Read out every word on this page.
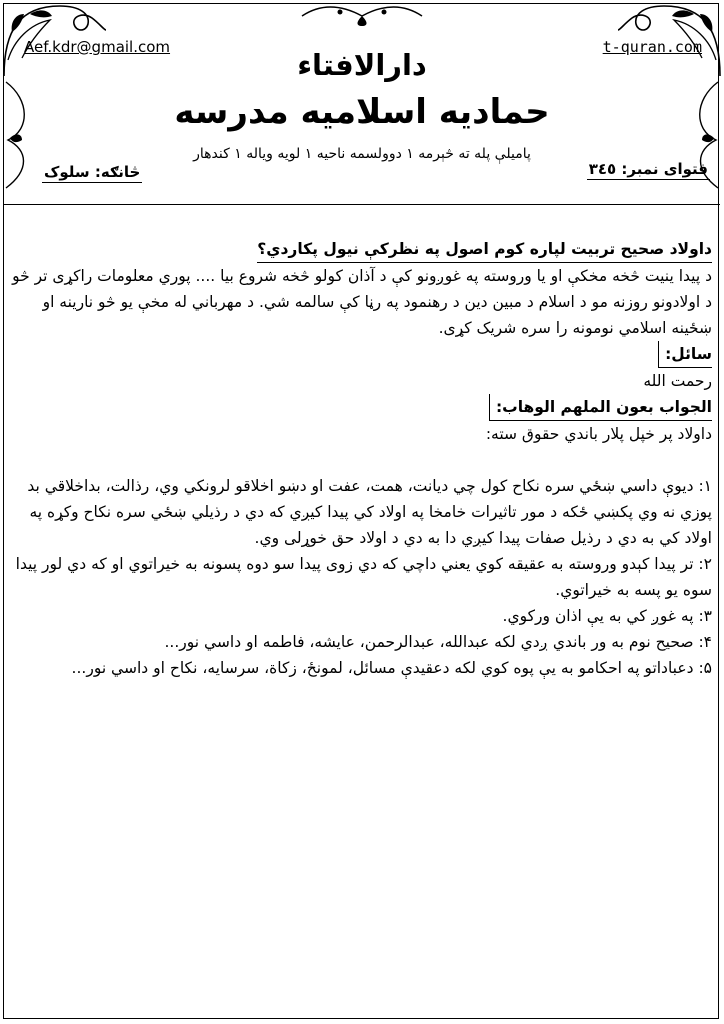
Aef.kdr@gmail.com	t-quran.com
دارالافتاء
حمادیه اسلامیه مدرسه
پاميلې پله ته څېرمه ١ دوولسمه ناحيه ١ لويه وياله ١ كندهار
فتوای نمبر: ٣٤٥
څانګه: سلوک

داولاد صحیح تربیت لپاره کوم اصول په نظرکې نیول پکاردي؟

د پیدا ینیت څخه مخکې او یا وروسته په غوږونو کې د آذان کولو څخه شروع بیا .... پوري معلومات راکړی تر څو د اولادونو روزنه مو د اسلام د مبین دین د رهنمود په رڼا کې سالمه شي. د مهرباني له مخې یو څو نارینه او ښځینه اسلامي نومونه را سره شریک کړی.

سائل:

رحمت الله

الجواب بعون الملهم الوهاب:

داولاد پر خپل پلار باندي حقوق سته:

۱: دیوې داسي ښځي سره نکاح کول چي دیانت، همت، عفت او دښو اخلاقو لرونکي وي، رذالت، بداخلاقي بد پوزي نه وي پکښي ځکه د مور تاثیرات خامخا په اولاد کي پیدا کیږي که دي د رذیلي ښځي سره نکاح وکړه په اولاد کي به دي د رذیل صفات پیدا کیږي دا به دي د اولاد حق خوړلی وي.

۲: تر پیدا کېدو وروسته به عقیقه کوي یعني داچي که دي زوی پیدا سو دوه پسونه به خیراتوي او که دي لور پیدا سوه یو پسه به خیراتوي.

۳: په غوږ کي به یې اذان ورکوي.

۴: صحیح نوم به ور باندي ږدي لکه عبدالله، عبدالرحمن، عایشه، فاطمه او داسي نور...

۵: دعباداتو په احکامو به یې پوه کوي لکه دعقیدې مسائل، لمونځ، زکاة، سرسایه، نکاح او داسي نور...
